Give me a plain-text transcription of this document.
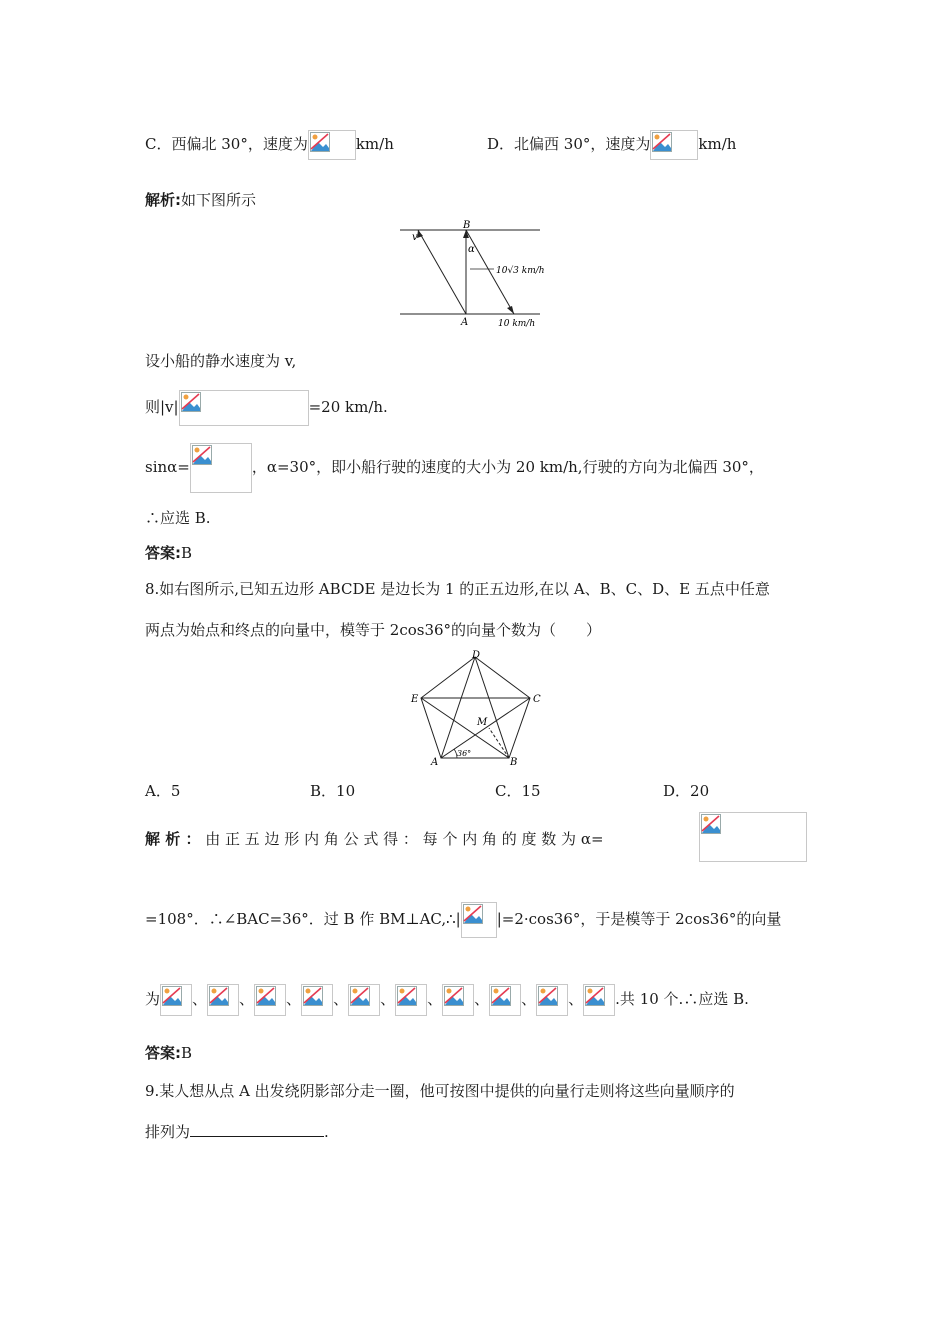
C．西偏北 30°，速度为	km/h	D．北偏西 30°，速度为	km/h
解析:如下图所示
B
A
v
α
10√3 km/h
10 km/h
设小船的静水速度为 v,
则|v|	=20 km/h.
sinα=	，α=30°，即小船行驶的速度的大小为 20 km/h,行驶的方向为北偏西 30°，
∴应选 B.
答案:B
8.如右图所示,已知五边形 ABCDE 是边长为 1 的正五边形,在以 A、B、C、D、E 五点中任意
两点为始点和终点的向量中，模等于 2cos36°的向量个数为（　　）
D
C
E
A	B
M
36°
A．5	B．10	C．15	D．20
解 析 ： 由 正 五 边 形 内 角 公 式 得 ： 每 个 内 角 的 度 数 为 α=
=108°．∴∠BAC=36°．过 B 作 BM⊥AC,∴| |=2·cos36°，于是模等于 2cos36°的向量
为 、 、 、 、 、 、 、 、 、 .共 10 个.∴应选 B.
答案:B
9.某人想从点 A 出发绕阴影部分走一圈，他可按图中提供的向量行走则将这些向量顺序的
排列为	.
